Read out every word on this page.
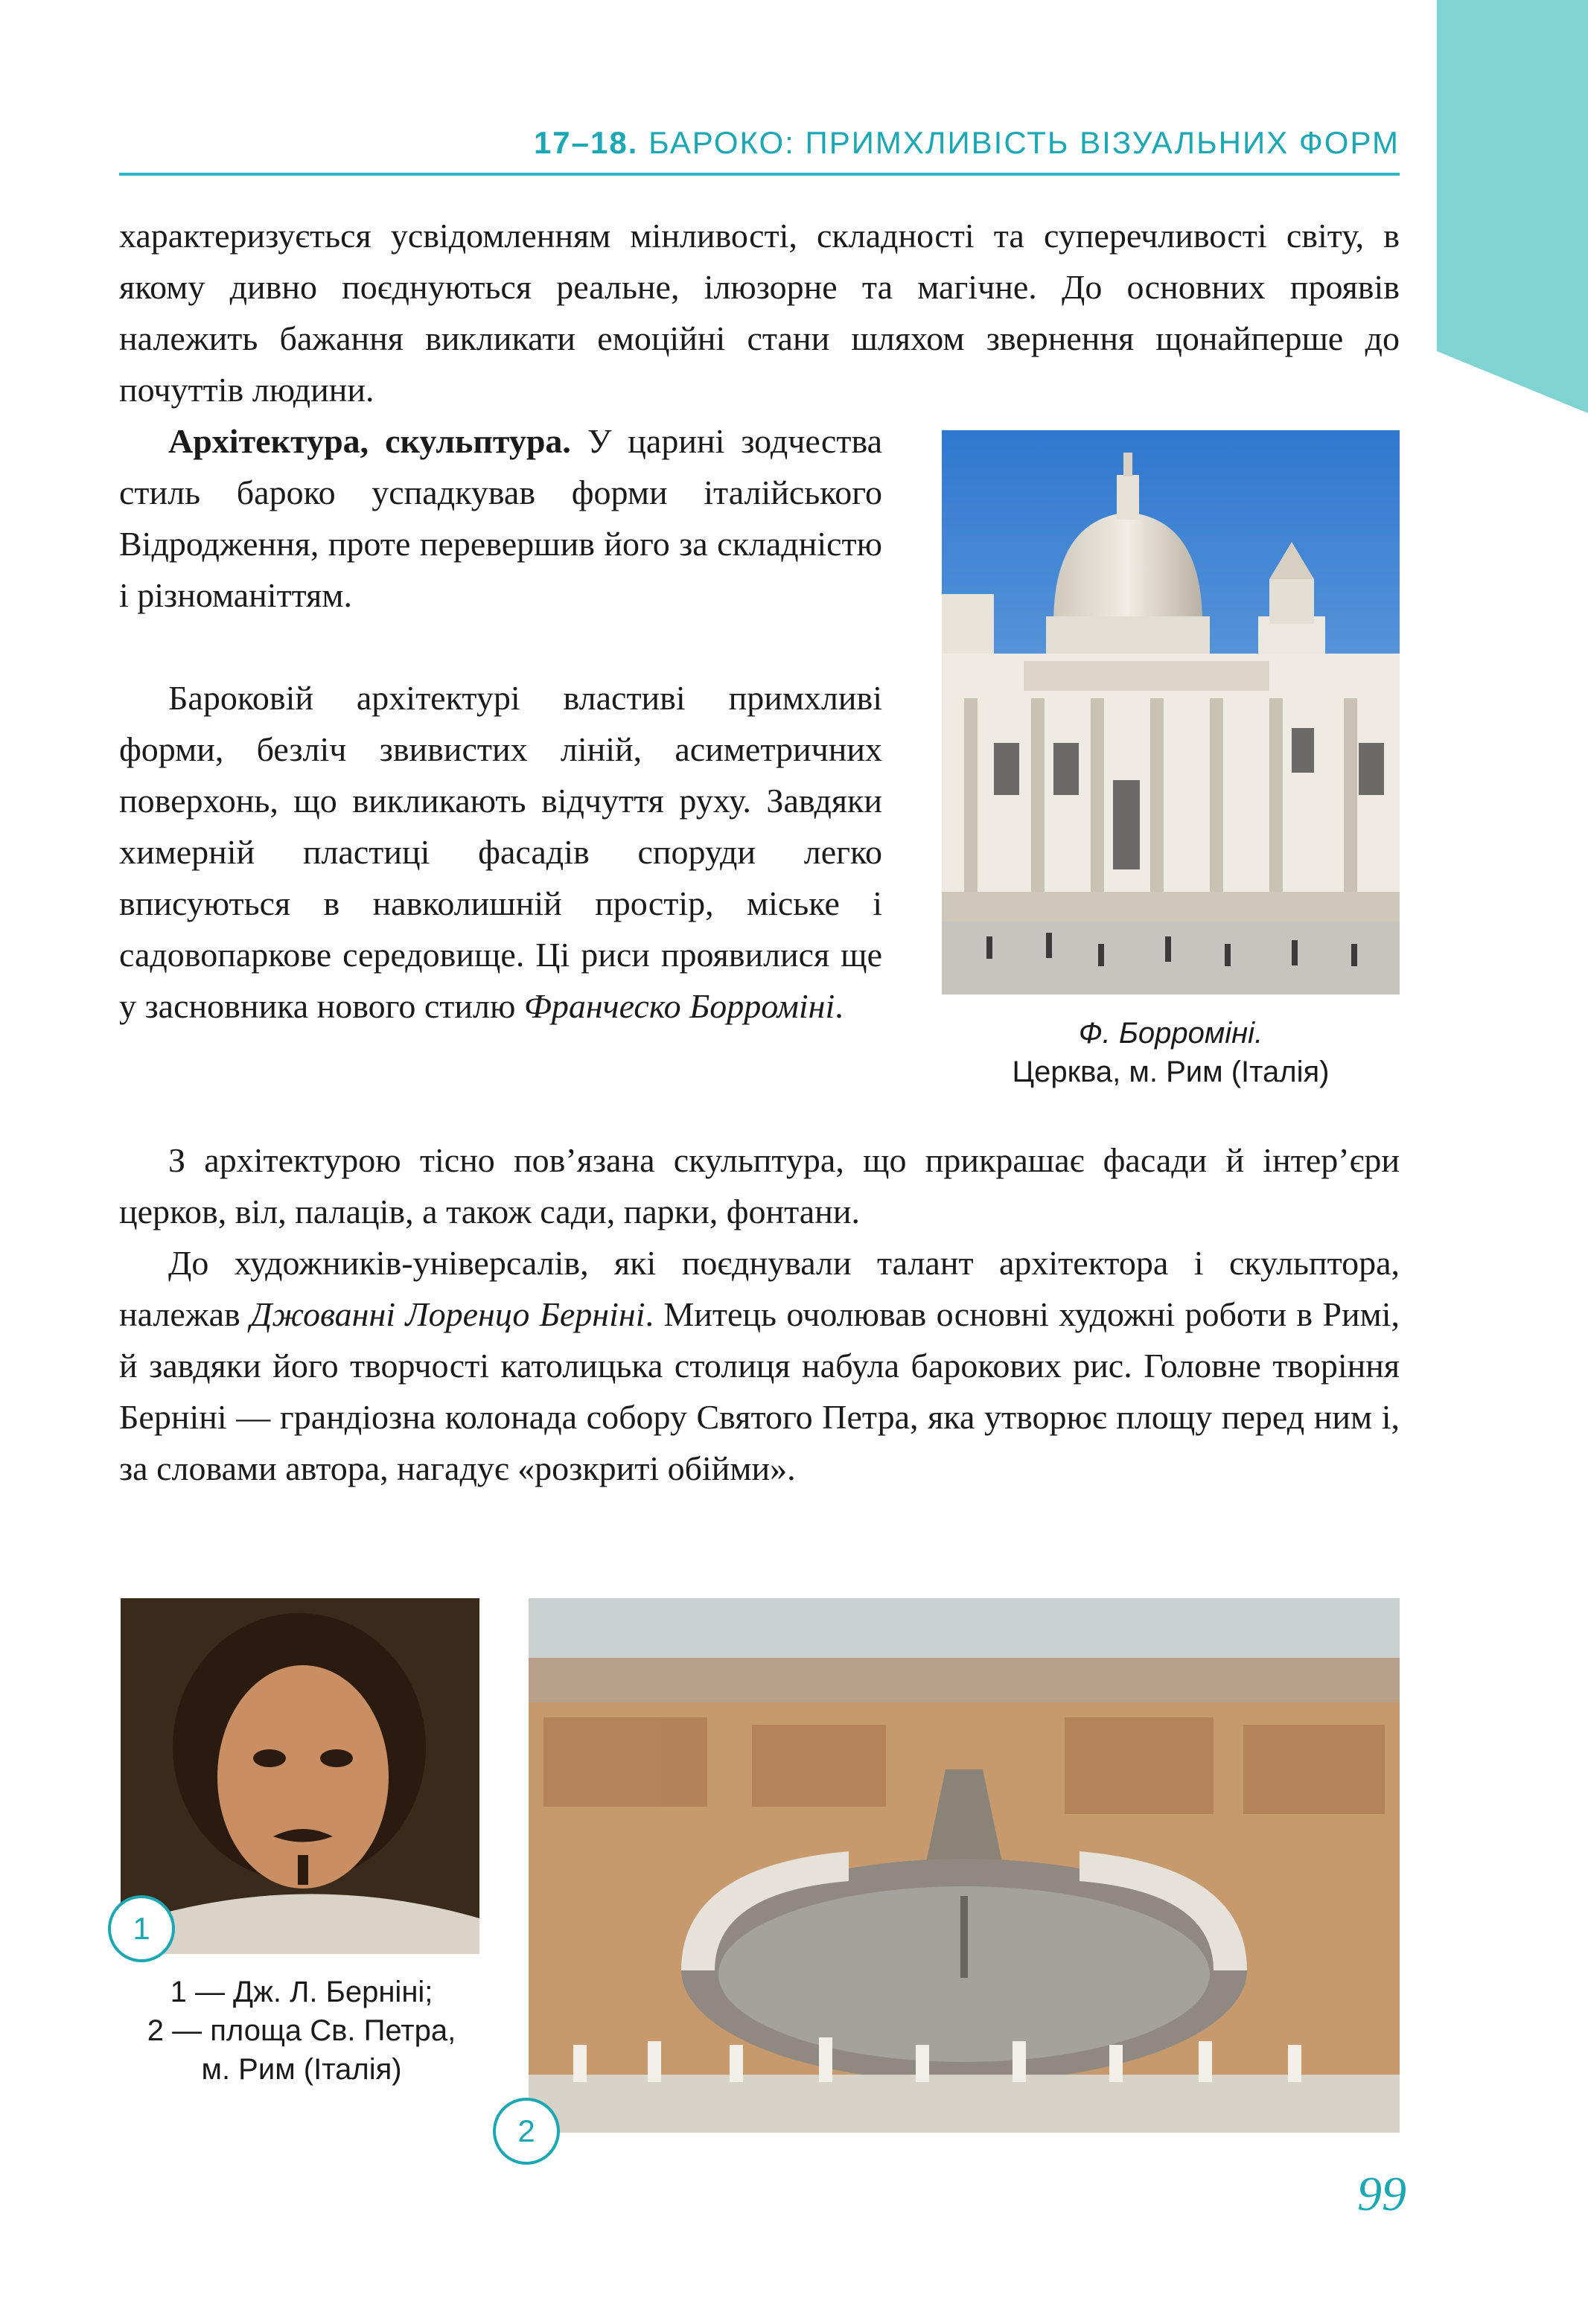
17–18. БАРОКО: ПРИМХЛИВІСТЬ ВІЗУАЛЬНИХ ФОРМ

характеризується усвідомленням мінливості, складності та суперечливості світу, в якому дивно поєднуються реальне, ілюзорне та магічне. До основних проявів належить бажання викликати емоційні стани шляхом звернення щонайперше до почуттів людини.

Архітектура, скульптура. У царині зодчества стиль бароко успадкував форми італійського Відродження, проте перевершив його за складністю і різноманіттям.

Бароковій архітектурі властиві примхливі форми, безліч звивистих ліній, асиметричних поверхонь, що викликають відчуття руху. Завдяки химерній пластиці фасадів споруди легко вписуються в навколишній простір, міське і садовопаркове середовище. Ці риси проявилися ще у засновника нового стилю Франческо Борроміні.

З архітектурою тісно пов’язана скульптура, що прикрашає фасади й інтер’єри церков, віл, палаців, а також сади, парки, фонтани.

До художників-універсалів, які поєднували талант архітектора і скульптора, належав Джованні Лоренцо Берніні. Митець очолював основні художні роботи в Римі, й завдяки його творчості католицька столиця набула барокових рис. Головне творіння Берніні — грандіозна колонада собору Святого Петра, яка утворює площу перед ним і, за словами автора, нагадує «розкриті обійми».

Ф. Борроміні.
Церква, м. Рим (Італія)
1
1 — Дж. Л. Берніні;
2 — площа Св. Петра,
м. Рим (Італія)
2
99
